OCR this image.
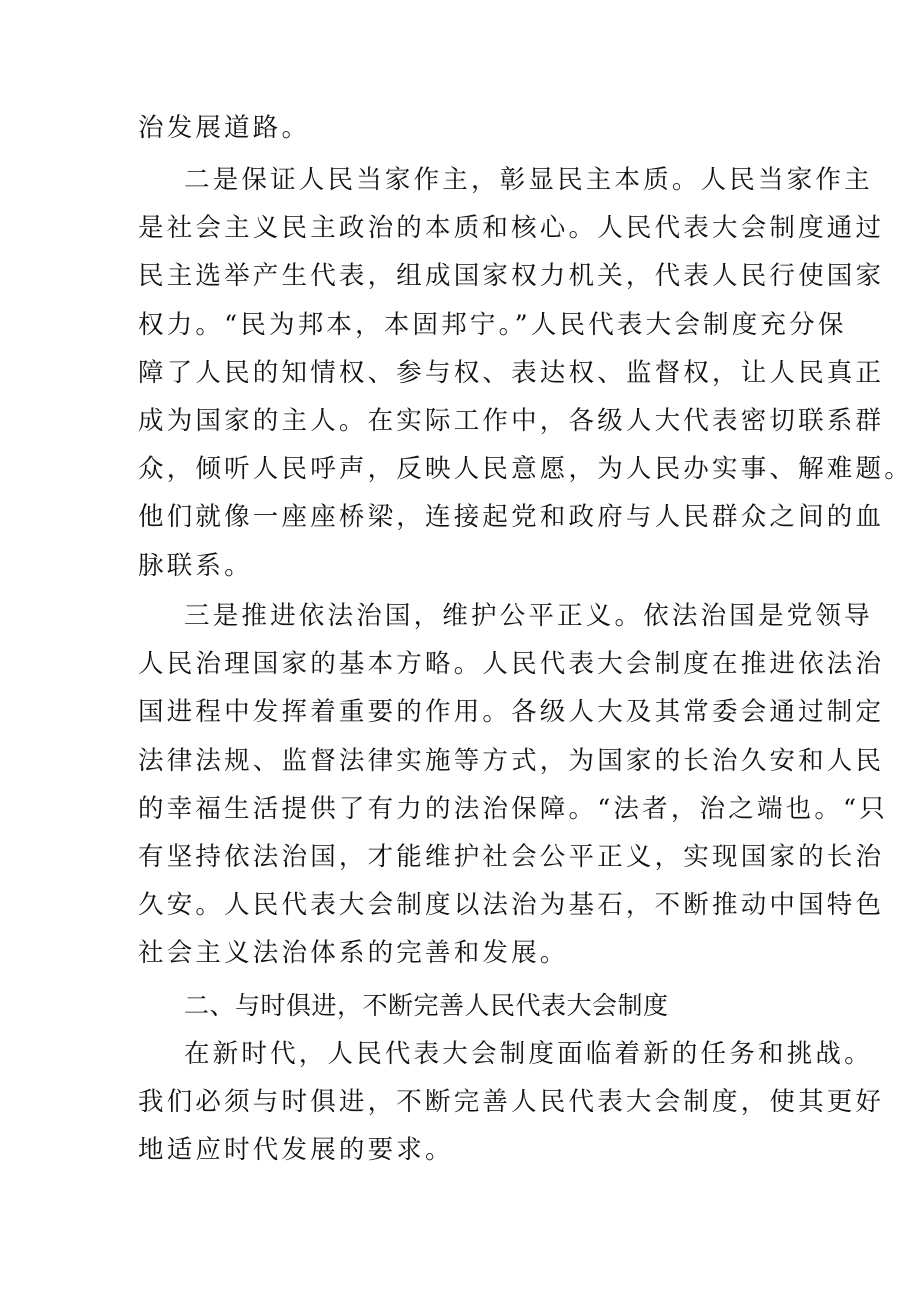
治发展道路。
二是保证人民当家作主，彰显民主本质。人民当家作主
是社会主义民主政治的本质和核心。人民代表大会制度通过
民主选举产生代表，组成国家权力机关，代表人民行使国家
权力。“民为邦本，本固邦宁。”人民代表大会制度充分保
障了人民的知情权、参与权、表达权、监督权，让人民真正
成为国家的主人。在实际工作中，各级人大代表密切联系群
众，倾听人民呼声，反映人民意愿，为人民办实事、解难题。
他们就像一座座桥梁，连接起党和政府与人民群众之间的血
脉联系。
三是推进依法治国，维护公平正义。依法治国是党领导
人民治理国家的基本方略。人民代表大会制度在推进依法治
国进程中发挥着重要的作用。各级人大及其常委会通过制定
法律法规、监督法律实施等方式，为国家的长治久安和人民
的幸福生活提供了有力的法治保障。“法者，治之端也。“只
有坚持依法治国，才能维护社会公平正义，实现国家的长治
久安。人民代表大会制度以法治为基石，不断推动中国特色
社会主义法治体系的完善和发展。
二、与时俱进，不断完善人民代表大会制度
在新时代，人民代表大会制度面临着新的任务和挑战。
我们必须与时俱进，不断完善人民代表大会制度，使其更好
地适应时代发展的要求。
